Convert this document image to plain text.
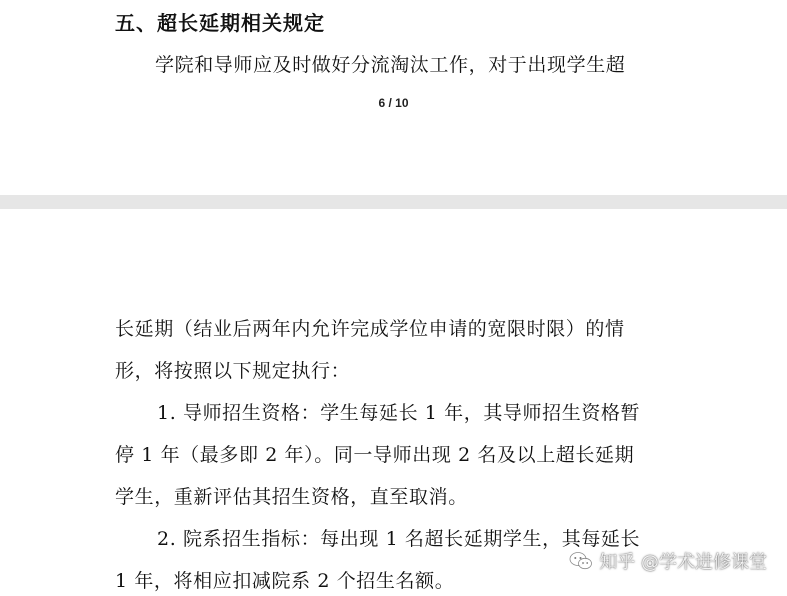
五、超长延期相关规定

学院和导师应及时做好分流淘汰工作，对于出现学生超

6 / 10

长延期（结业后两年内允许完成学位申请的宽限时限）的情

形，将按照以下规定执行：

1. 导师招生资格：学生每延长 1 年，其导师招生资格暂

停 1 年（最多即 2 年）。同一导师出现 2 名及以上超长延期

学生，重新评估其招生资格，直至取消。

2. 院系招生指标：每出现 1 名超长延期学生，其每延长

1 年，将相应扣减院系 2 个招生名额。

知乎 @学术进修课堂
